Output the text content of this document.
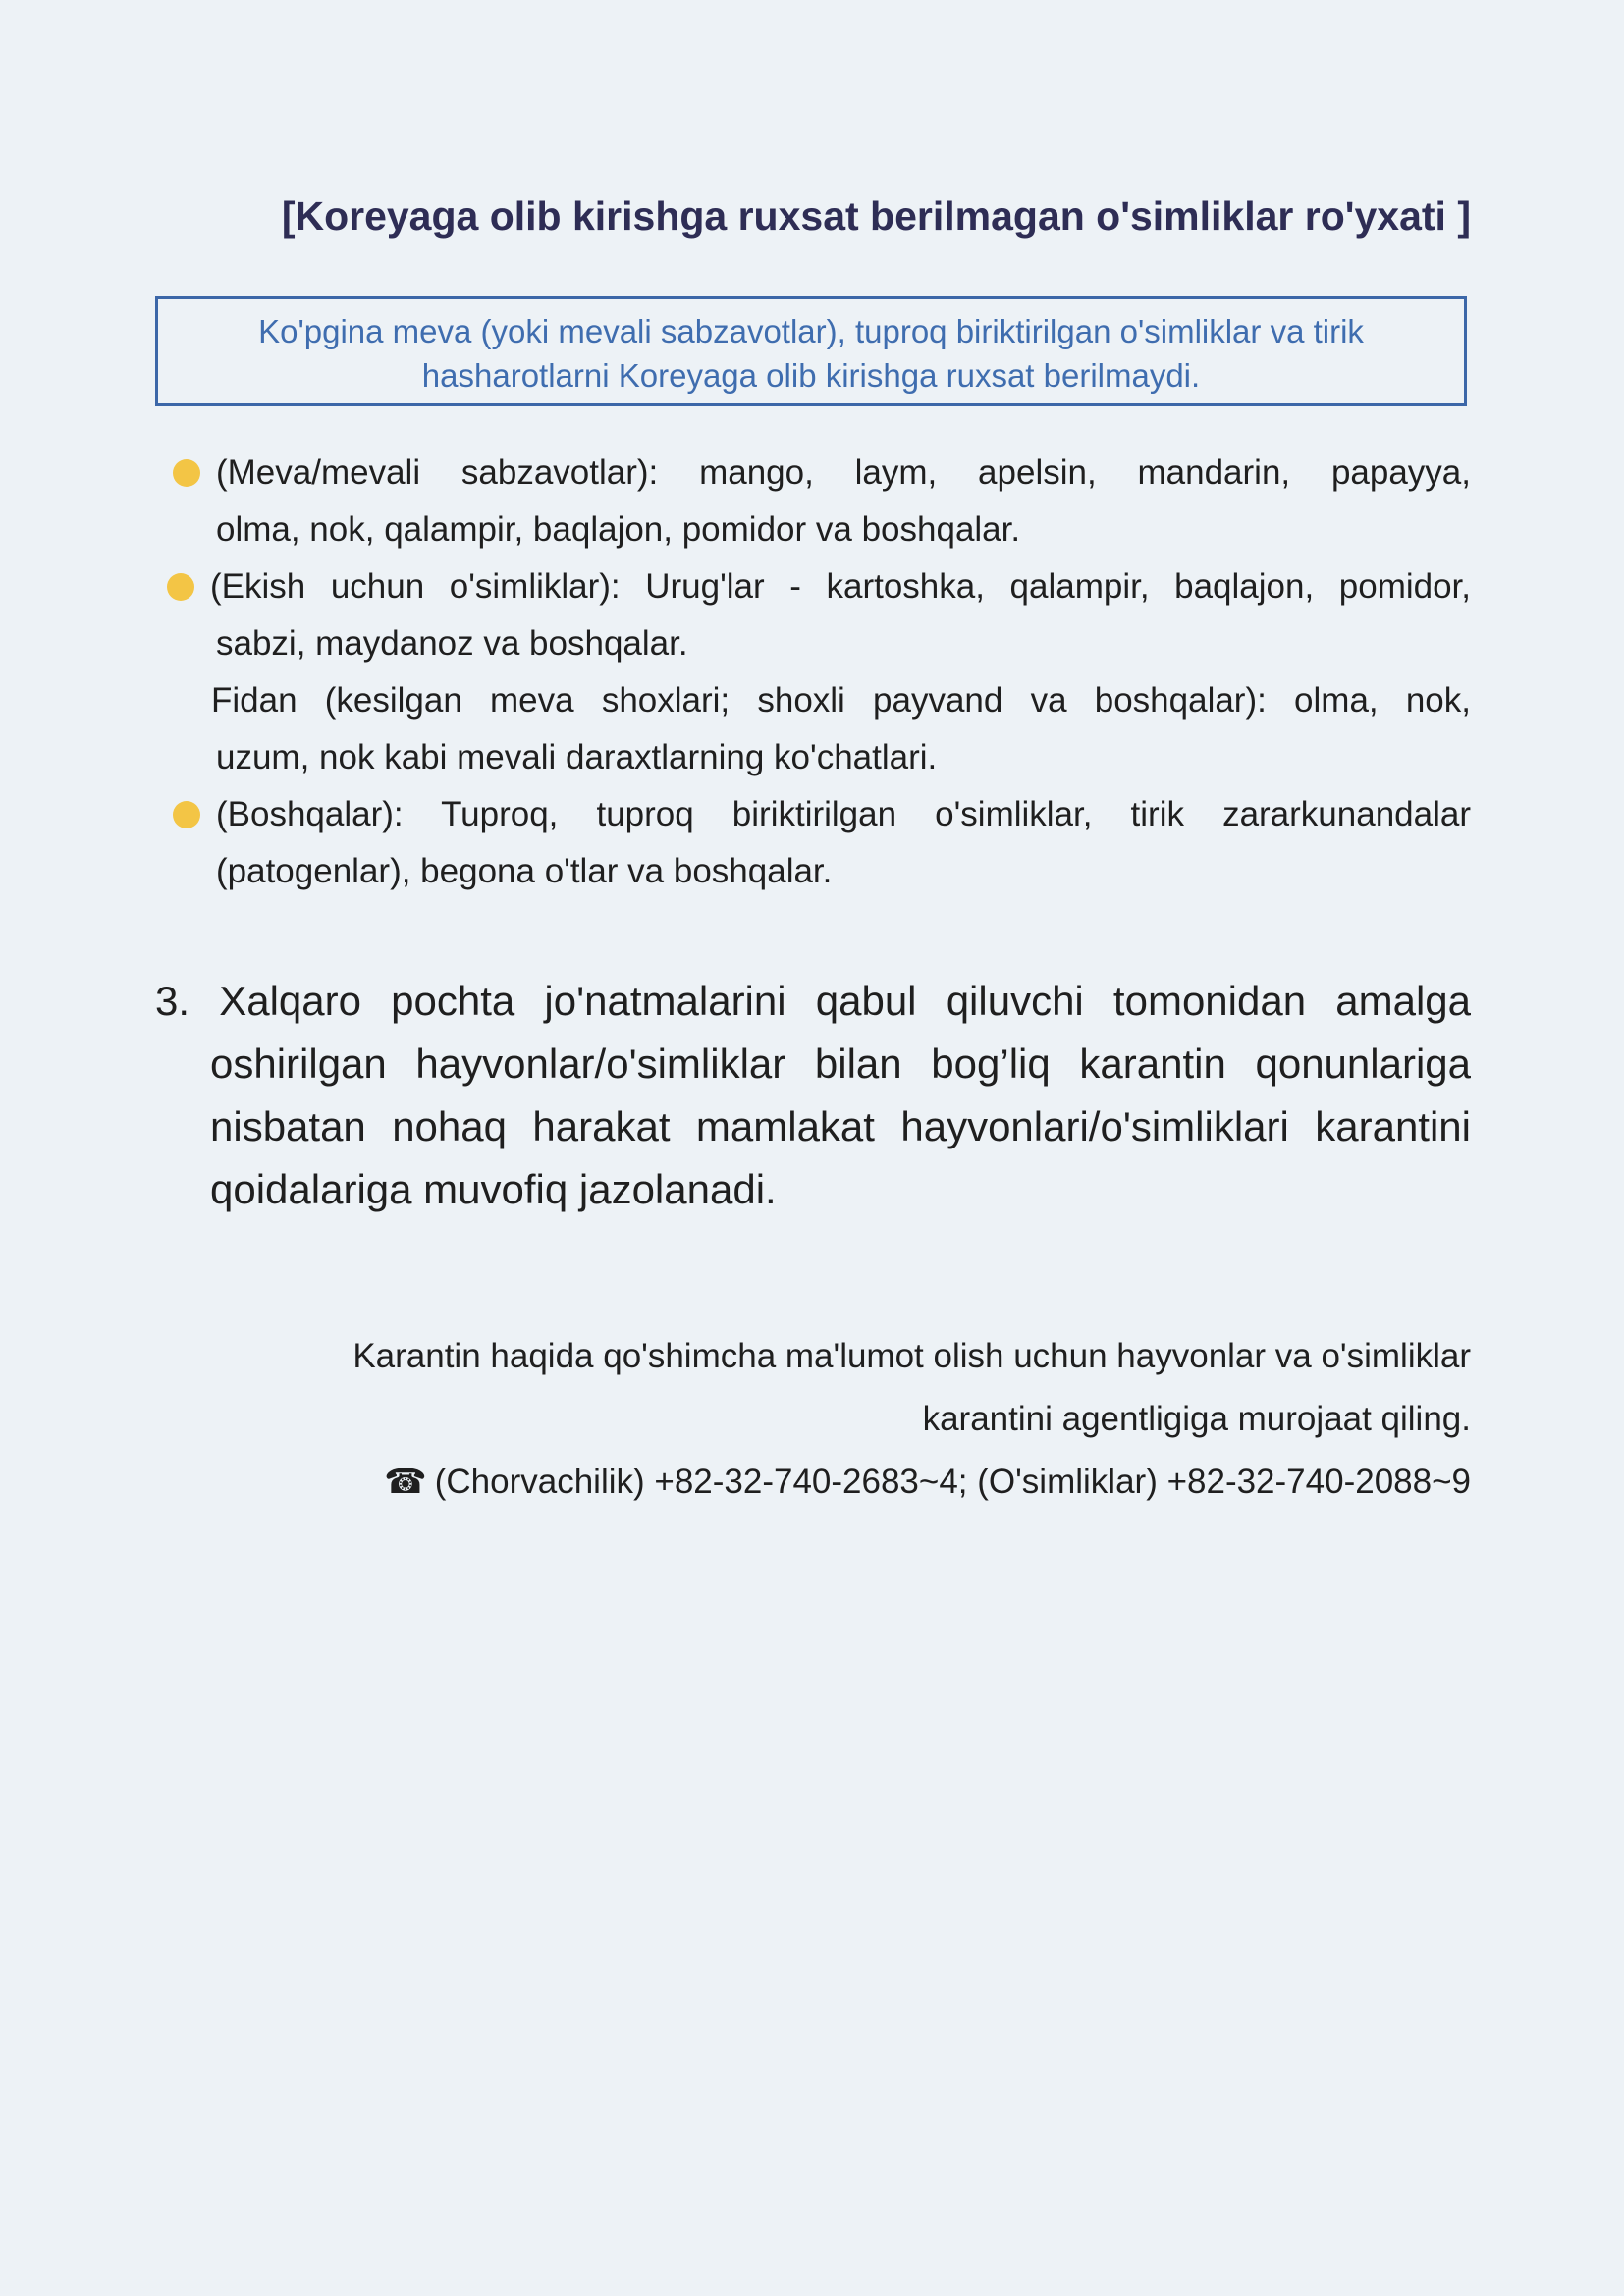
[Koreyaga olib kirishga ruxsat berilmagan o'simliklar ro'yxati ]
Ko'pgina meva (yoki mevali sabzavotlar), tuproq biriktirilgan o'simliklar va tirik
hasharotlarni Koreyaga olib kirishga ruxsat berilmaydi.
(Meva/mevali sabzavotlar): mango, laym, apelsin, mandarin, papayya,
olma, nok, qalampir, baqlajon, pomidor va boshqalar.
(Ekish uchun o'simliklar): Urug'lar - kartoshka, qalampir, baqlajon, pomidor,
sabzi, maydanoz va boshqalar.
Fidan (kesilgan meva shoxlari; shoxli payvand va boshqalar): olma, nok,
uzum, nok kabi mevali daraxtlarning ko'chatlari.
(Boshqalar): Tuproq, tuproq biriktirilgan o'simliklar, tirik zararkunandalar
(patogenlar), begona o'tlar va boshqalar.
3. Xalqaro pochta jo'natmalarini qabul qiluvchi tomonidan amalga
oshirilgan hayvonlar/o'simliklar bilan bog’liq karantin qonunlariga
nisbatan nohaq harakat mamlakat hayvonlari/o'simliklari karantini
qoidalariga muvofiq jazolanadi.
Karantin haqida qo'shimcha ma'lumot olish uchun hayvonlar va o'simliklar
karantini agentligiga murojaat qiling.
☎ (Chorvachilik) +82-32-740-2683~4; (O'simliklar) +82-32-740-2088~9
